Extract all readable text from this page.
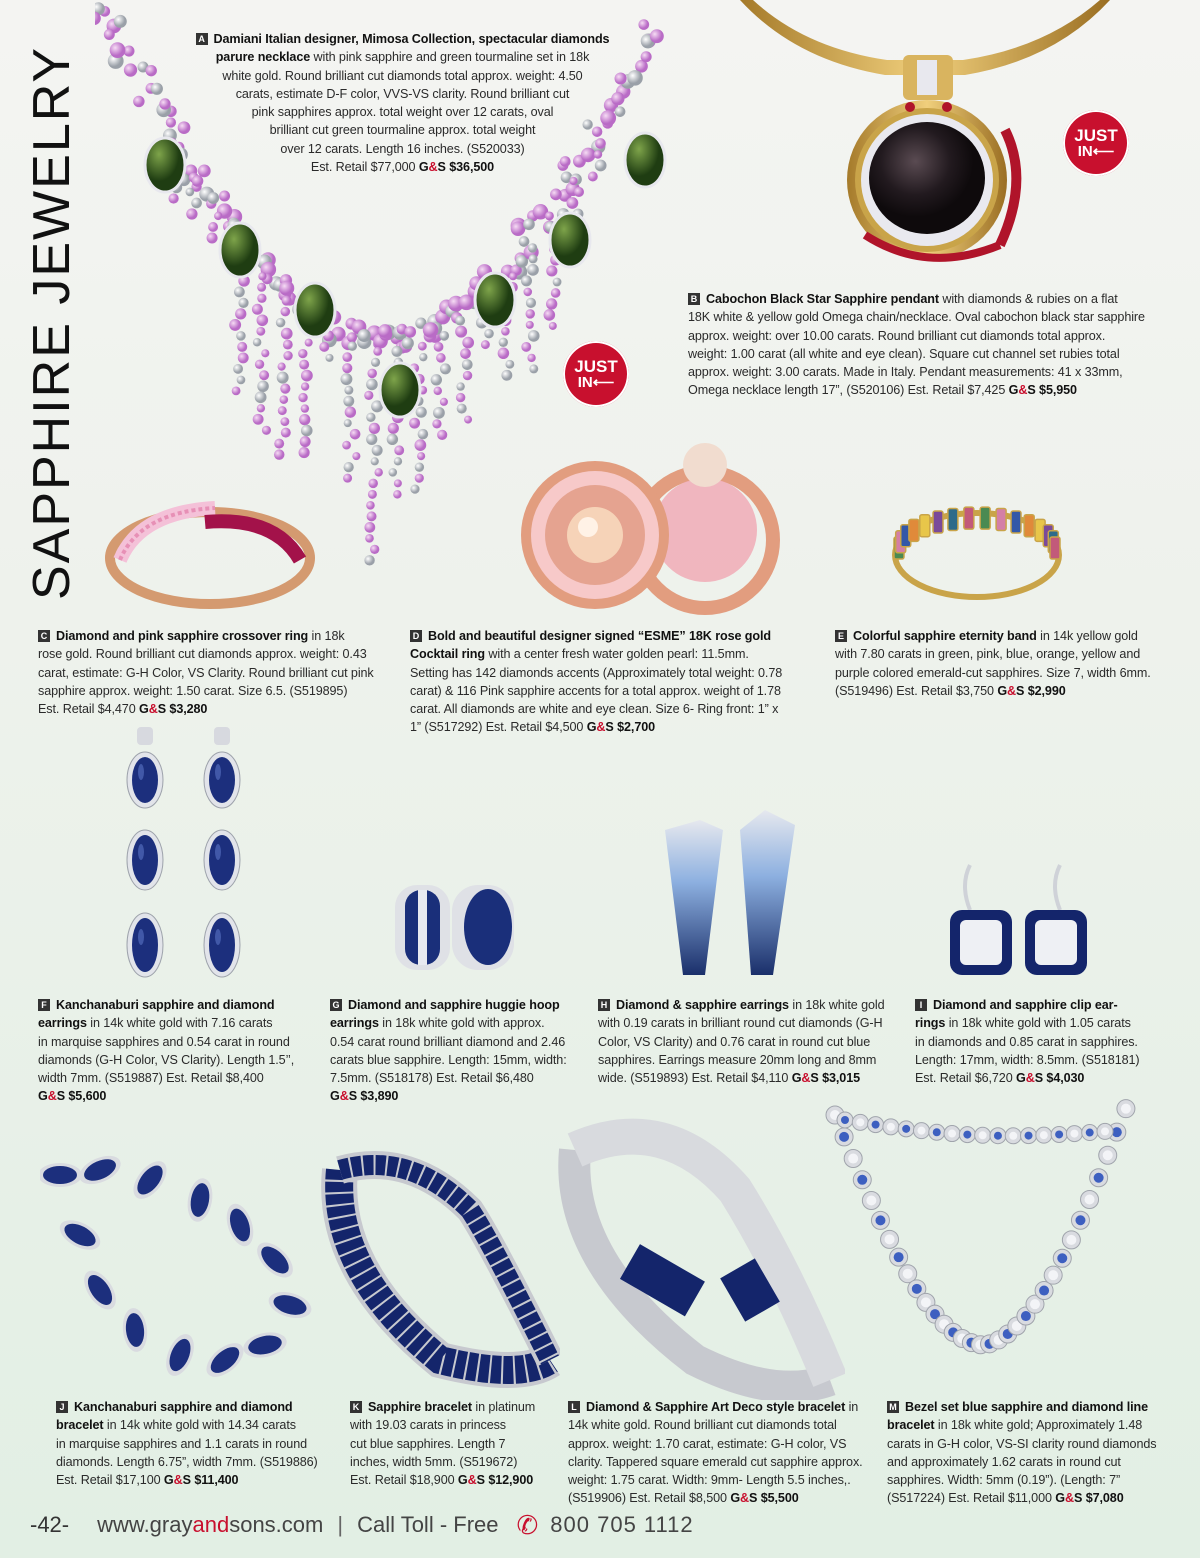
SAPPHIRE JEWELRY	JUST
IN⟵
JUST
IN⟵
A Damiani Italian designer, Mimosa Collection, spectacular diamonds
parure necklace with pink sapphire and green tourmaline set in 18k
white gold. Round brilliant cut diamonds total approx. weight: 4.50
carats, estimate D-F color, VVS-VS clarity. Round brilliant cut
pink sapphires approx. total weight over 12 carats, oval
brilliant cut green tourmaline approx. total weight
over 12 carats. Length 16 inches. (S520033)
Est. Retail $77,000 G&S $36,500
B Cabochon Black Star Sapphire pendant with diamonds & rubies on a flat
18K white & yellow gold Omega chain/necklace. Oval cabochon black star sapphire
approx. weight: over 10.00 carats. Round brilliant cut diamonds total approx.
weight: 1.00 carat (all white and eye clean). Square cut channel set rubies total
approx. weight: 3.00 carats. Made in Italy. Pendant measurements: 41 x 33mm,
Omega necklace length 17”, (S520106) Est. Retail $7,425 G&S $5,950
C Diamond and pink sapphire crossover ring in 18k
rose gold. Round brilliant cut diamonds approx. weight: 0.43
carat, estimate: G-H Color, VS Clarity. Round brilliant cut pink
sapphire approx. weight: 1.50 carat. Size 6.5. (S519895)
Est. Retail $4,470 G&S $3,280
D Bold and beautiful designer signed “ESME” 18K rose gold
Cocktail ring with a center fresh water golden pearl: 11.5mm.
Setting has 142 diamonds accents (Approximately total weight: 0.78
carat) & 116 Pink sapphire accents for a total approx. weight of 1.78
carat. All diamonds are white and eye clean. Size 6- Ring front: 1” x
1” (S517292) Est. Retail $4,500 G&S $2,700
E Colorful sapphire eternity band in 14k yellow gold
with 7.80 carats in green, pink, blue, orange, yellow and
purple colored emerald-cut sapphires. Size 7, width 6mm.
(S519496) Est. Retail $3,750 G&S $2,990
F Kanchanaburi sapphire and diamond
earrings in 14k white gold with 7.16 carats
in marquise sapphires and 0.54 carat in round
diamonds (G-H Color, VS Clarity). Length 1.5’’,
width 7mm. (S519887) Est. Retail $8,400
G&S $5,600
G Diamond and sapphire huggie hoop
earrings in 18k white gold with approx.
0.54 carat round brilliant diamond and 2.46
carats blue sapphire. Length: 15mm, width:
7.5mm. (S518178) Est. Retail $6,480
G&S $3,890
H Diamond & sapphire earrings in 18k white gold
with 0.19 carats in brilliant round cut diamonds (G-H
Color, VS Clarity) and 0.76 carat in round cut blue
sapphires. Earrings measure 20mm long and 8mm
wide. (S519893) Est. Retail $4,110 G&S $3,015
I Diamond and sapphire clip ear-
rings in 18k white gold with 1.05 carats
in diamonds and 0.85 carat in sapphires.
Length: 17mm, width: 8.5mm. (S518181)
Est. Retail $6,720 G&S $4,030
J Kanchanaburi sapphire and diamond
bracelet in 14k white gold with 14.34 carats
in marquise sapphires and 1.1 carats in round
diamonds. Length 6.75”, width 7mm. (S519886)
Est. Retail $17,100 G&S $11,400
K Sapphire bracelet in platinum
with 19.03 carats in princess
cut blue sapphires. Length 7
inches, width 5mm. (S519672)
Est. Retail $18,900 G&S $12,900
L Diamond & Sapphire Art Deco style bracelet in
14k white gold. Round brilliant cut diamonds total
approx. weight: 1.70 carat, estimate: G-H color, VS
clarity. Tappered square emerald cut sapphire approx.
weight: 1.75 carat. Width: 9mm- Length 5.5 inches,.
(S519906) Est. Retail $8,500 G&S $5,500
M Bezel set blue sapphire and diamond line
bracelet in 18k white gold; Approximately 1.48
carats in G-H color, VS-SI clarity round diamonds
and approximately 1.62 carats in round cut
sapphires. Width: 5mm (0.19”). (Length: 7”
(S517224) Est. Retail $11,000 G&S $7,080
-42- www.grayandsons.com | Call Toll - Free ✆ 800 705 1112
